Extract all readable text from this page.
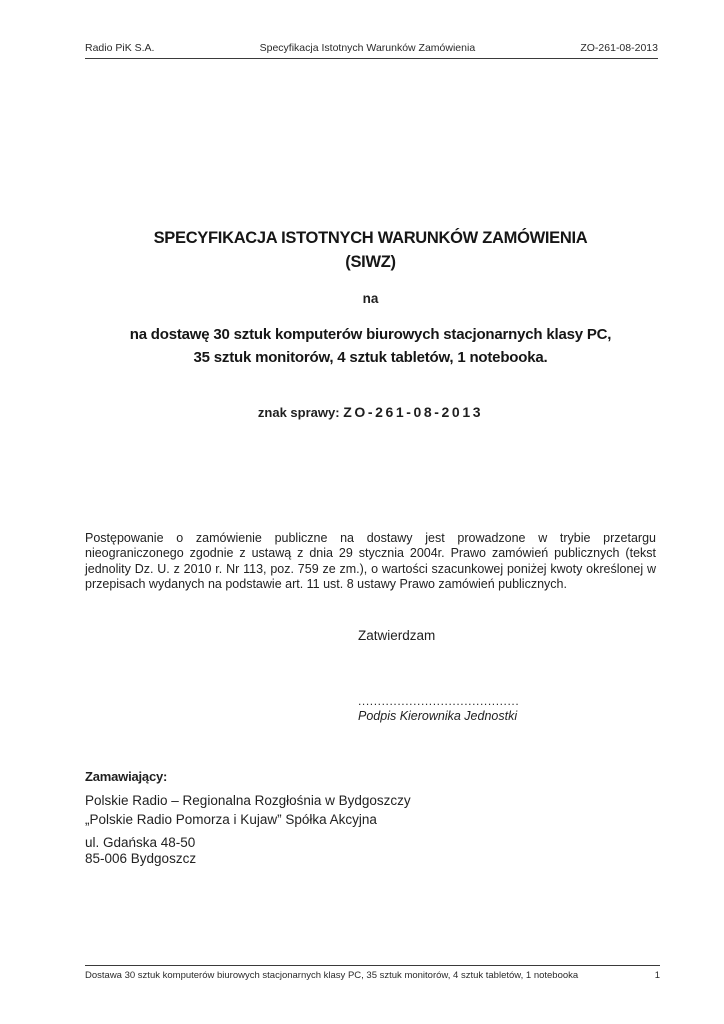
Radio PiK S.A.	Specyfikacja Istotnych Warunków Zamówienia	ZO-261-08-2013
SPECYFIKACJA ISTOTNYCH WARUNKÓW ZAMÓWIENIA
(SIWZ)
na
na dostawę 30 sztuk komputerów biurowych stacjonarnych klasy PC,
35 sztuk monitorów, 4 sztuk tabletów, 1 notebooka.
znak sprawy: ZO-261-08-2013

Postępowanie o zamówienie publiczne na dostawy jest prowadzone w trybie przetargu nieograniczonego zgodnie z ustawą z dnia 29 stycznia 2004r. Prawo zamówień publicznych (tekst jednolity Dz. U. z 2010 r. Nr 113, poz. 759 ze zm.), o wartości szacunkowej poniżej kwoty określonej w przepisach wydanych na podstawie art. 11 ust. 8 ustawy Prawo zamówień publicznych.

Zatwierdzam
.........................................
Podpis Kierownika Jednostki
Zamawiający:
Polskie Radio – Regionalna Rozgłośnia w Bydgoszczy
„Polskie Radio Pomorza i Kujaw” Spółka Akcyjna
ul. Gdańska 48-50
85-006 Bydgoszcz
Dostawa 30 sztuk komputerów biurowych stacjonarnych klasy PC, 35 sztuk monitorów, 4 sztuk tabletów, 1 notebooka	1
